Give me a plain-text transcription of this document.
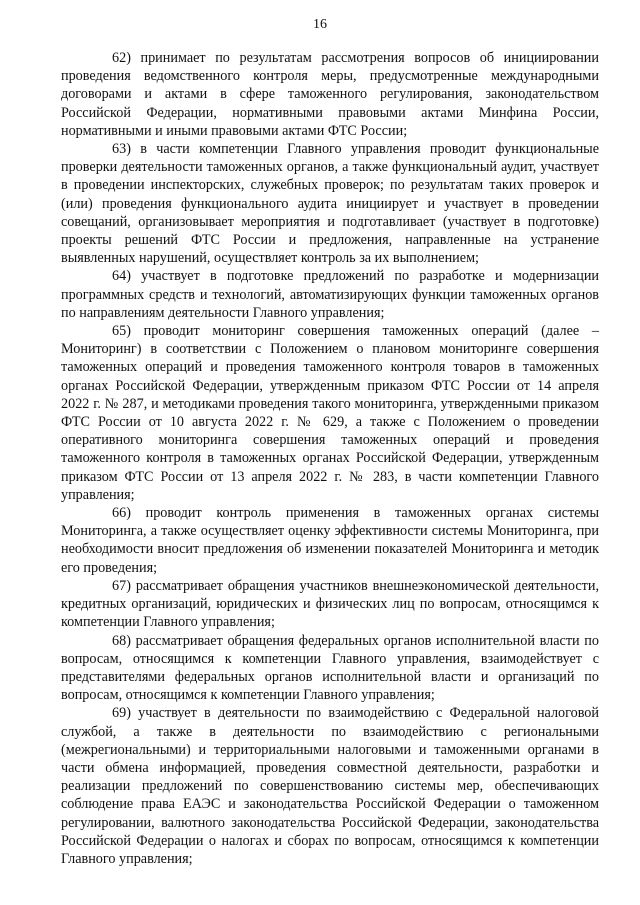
16

62) принимает по результатам рассмотрения вопросов об инициировании проведения ведомственного контроля меры, предусмотренные международными договорами и актами в сфере таможенного регулирования, законодательством Российской Федерации, нормативными правовыми актами Минфина России, нормативными и иными правовыми актами ФТС России;

63) в части компетенции Главного управления проводит функциональные проверки деятельности таможенных органов, а также функциональный аудит, участвует в проведении инспекторских, служебных проверок; по результатам таких проверок и (или) проведения функционального аудита инициирует и участвует в проведении совещаний, организовывает мероприятия и подготавливает (участвует в подготовке) проекты решений ФТС России и предложения, направленные на устранение выявленных нарушений, осуществляет контроль за их выполнением;

64) участвует в подготовке предложений по разработке и модернизации программных средств и технологий, автоматизирующих функции таможенных органов по направлениям деятельности Главного управления;

65) проводит мониторинг совершения таможенных операций (далее – Мониторинг) в соответствии с Положением о плановом мониторинге совершения таможенных операций и проведения таможенного контроля товаров в таможенных органах Российской Федерации, утвержденным приказом ФТС России от 14 апреля 2022 г. № 287, и методиками проведения такого мониторинга, утвержденными приказом ФТС России от 10 августа 2022 г. № 629, а также с Положением о проведении оперативного мониторинга совершения таможенных операций и проведения таможенного контроля в таможенных органах Российской Федерации, утвержденным приказом ФТС России от 13 апреля 2022 г. № 283, в части компетенции Главного управления;

66) проводит контроль применения в таможенных органах системы Мониторинга, а также осуществляет оценку эффективности системы Мониторинга, при необходимости вносит предложения об изменении показателей Мониторинга и методик его проведения;

67) рассматривает обращения участников внешнеэкономической деятельности, кредитных организаций, юридических и физических лиц по вопросам, относящимся к компетенции Главного управления;

68) рассматривает обращения федеральных органов исполнительной власти по вопросам, относящимся к компетенции Главного управления, взаимодействует с представителями федеральных органов исполнительной власти и организаций по вопросам, относящимся к компетенции Главного управления;

69) участвует в деятельности по взаимодействию с Федеральной налоговой службой, а также в деятельности по взаимодействию с региональными (межрегиональными) и территориальными налоговыми и таможенными органами в части обмена информацией, проведения совместной деятельности, разработки и реализации предложений по совершенствованию системы мер, обеспечивающих соблюдение права ЕАЭС и законодательства Российской Федерации о таможенном регулировании, валютного законодательства Российской Федерации, законодательства Российской Федерации о налогах и сборах по вопросам, относящимся к компетенции Главного управления;
